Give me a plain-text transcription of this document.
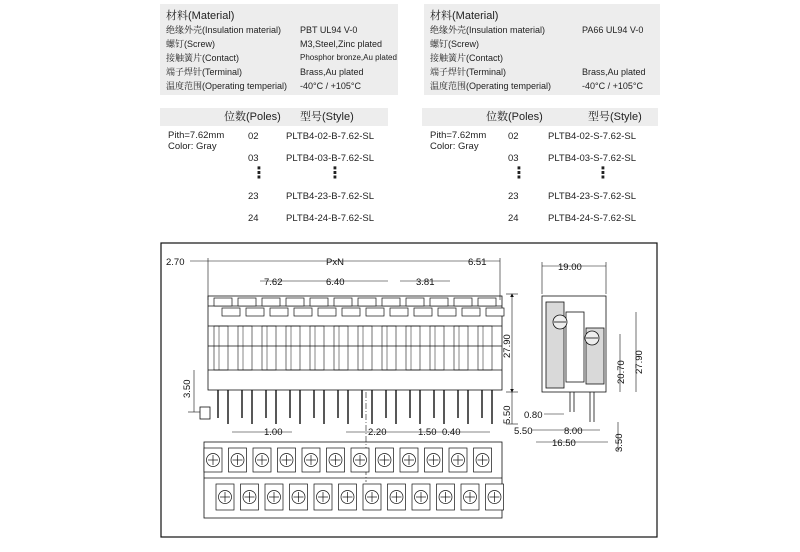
材料(Material)
绝缘外壳(Insulation material) PBT UL94 V-0
螺钉(Screw)	M3,Steel,Zinc plated
接触簧片(Contact)	Phosphor bronze,Au plated
端子焊针(Terminal)	Brass,Au plated
温度范围(Operating temperial) -40°C / +105°C
材料(Material)
绝缘外壳(Insulation material)	PA66 UL94 V-0
螺钉(Screw)
接触簧片(Contact)
端子焊针(Terminal)	Brass,Au plated
温度范围(Operating temperial)	-40°C / +105°C
位数(Poles) 型号(Style)
Pith=7.62mm
Color: Gray
02	PLTB4-02-B-7.62-SL
03	PLTB4-03-B-7.62-SL
⋮	⋮
23	PLTB4-23-B-7.62-SL
24	PLTB4-24-B-7.62-SL
位数(Poles)	型号(Style)
Pith=7.62mm
Color: Gray
02	PLTB4-02-S-7.62-SL
03	PLTB4-03-S-7.62-SL
⋮	⋮
23	PLTB4-23-S-7.62-SL
24	PLTB4-24-S-7.62-SL
2.70	PxN	6.51
7.62	6.40	3.81
27.90
5.50
3.50
1.00	2.20	1.50 0.40
19.00
27.90
20.70
0.80
5.50	8.00
16.50	3.50
